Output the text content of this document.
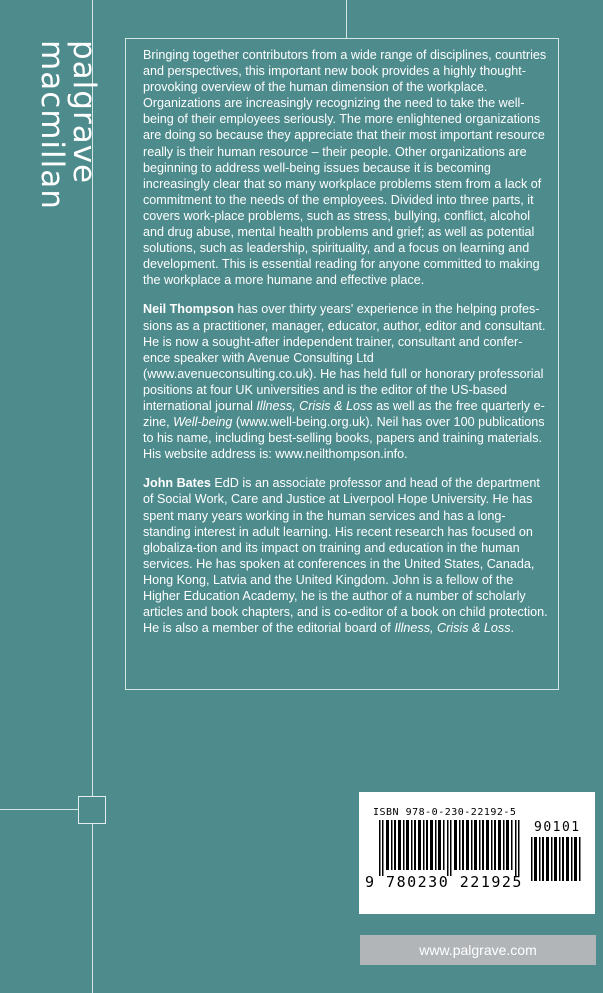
palgrave
macmillan	Bringing together contributors from a wide range of disciplines, countries and perspectives, this important new book provides a highly thought-provoking overview of the human dimension of the workplace. Organizations are increasingly recognizing the need to take the well-being of their employees seriously. The more enlightened organizations are doing so because they appreciate that their most important resource really is their human resource – their people. Other organizations are beginning to address well-being issues because it is becoming increasingly clear that so many workplace problems stem from a lack of commitment to the needs of the employees. Divided into three parts, it covers work-place problems, such as stress, bullying, conflict, alcohol and drug abuse, mental health problems and grief; as well as potential solutions, such as leadership, spirituality, and a focus on learning and development. This is essential reading for anyone committed to making the workplace a more humane and effective place.

Neil Thompson has over thirty years' experience in the helping profes-sions as a practitioner, manager, educator, author, editor and consultant. He is now a sought-after independent trainer, consultant and confer-ence speaker with Avenue Consulting Ltd (www.avenueconsulting.co.uk). He has held full or honorary professorial positions at four UK universities and is the editor of the US-based international journal Illness, Crisis & Loss as well as the free quarterly e-zine, Well-being (www.well-being.org.uk). Neil has over 100 publications to his name, including best-selling books, papers and training materials. His website address is: www.neilthompson.info.

John Bates EdD is an associate professor and head of the department of Social Work, Care and Justice at Liverpool Hope University. He has spent many years working in the human services and has a long-standing interest in adult learning. His recent research has focused on globaliza-tion and its impact on training and education in the human services. He has spoken at conferences in the United States, Canada, Hong Kong, Latvia and the United Kingdom. John is a fellow of the Higher Education Academy, he is the author of a number of scholarly articles and book chapters, and is co-editor of a book on child protection. He is also a member of the editorial board of Illness, Crisis & Loss.

ISBN 978-0-230-22192-5
90101
9 780230 221925
www.palgrave.com
